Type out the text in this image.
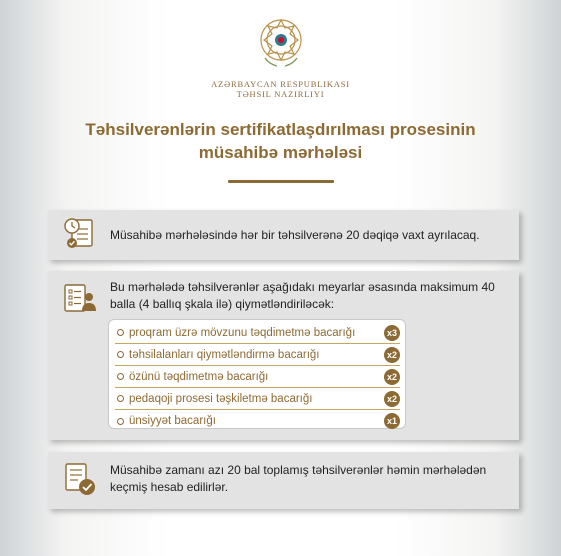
AZƏRBAYCAN RESPUBLIKASI
TƏHSIL NAZIRLIYI
Təhsilverənlərin sertifikatlaşdırılması prosesinin
müsahibə mərhələsi
Müsahibə mərhələsində hər bir təhsilverənə 20 dəqiqə vaxt ayrılacaq.
Bu mərhələdə təhsilverənlər aşağıdakı meyarlar əsasında maksimum 40 balla (4 ballıq şkala ilə) qiymətləndiriləcək:
proqram üzrə mövzunu təqdimetmə bacarığı	x3
təhsilalanları qiymətləndirmə bacarığı	x2
özünü təqdimetmə bacarığı	x2
pedaqoji prosesi təşkiletmə bacarığı	x2
ünsiyyət bacarığı	x1
Müsahibə zamanı azı 20 bal toplamış təhsilverənlər həmin mərhələdən keçmiş hesab edilirlər.
